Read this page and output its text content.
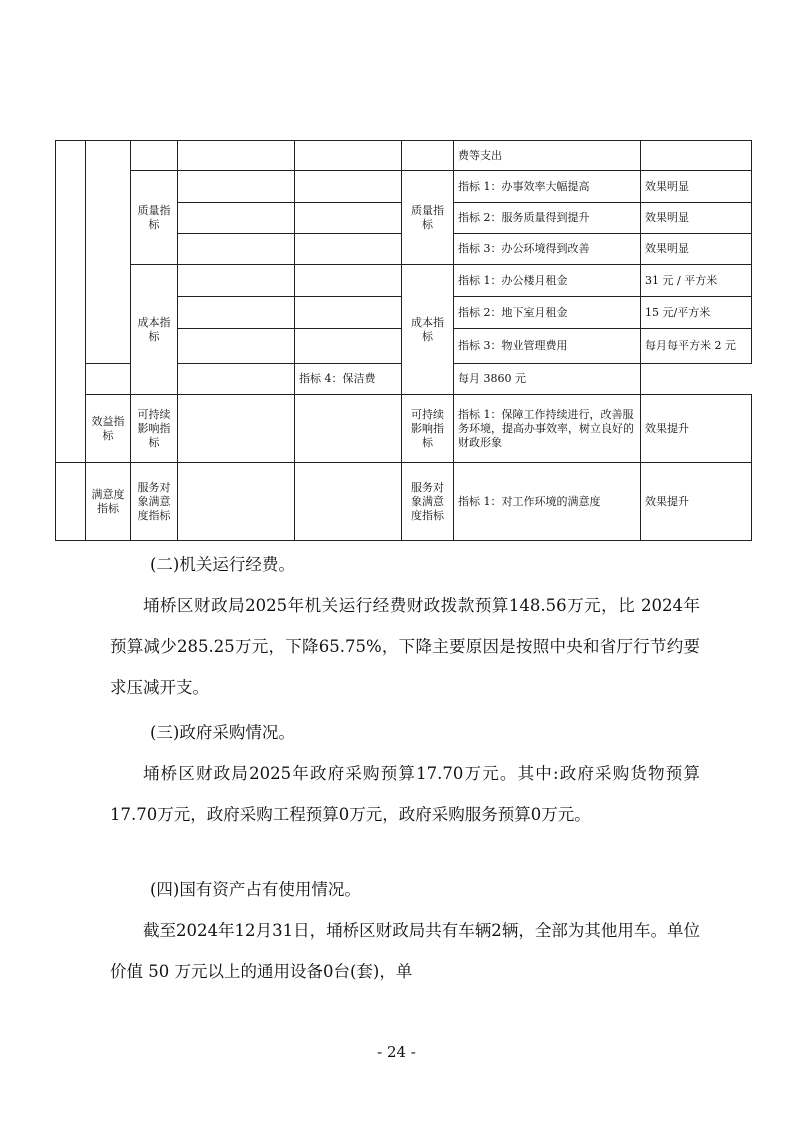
						费等支出	
		质量指标			质量指标	指标 1：办事效率大幅提高	效果明显
						指标 2：服务质量得到提升	效果明显
						指标 3：办公环境得到改善	效果明显
		成本指标			成本指标	指标 1：办公楼月租金	31 元 / 平方米
						指标 2：地下室月租金	15 元/平方米
						指标 3：物业管理费用	每月每平方米 2 元
				指标 4：保洁费		每月 3860 元	
	效益指标	可持续影响指标			可持续影响指标	指标 1：保障工作持续进行，改善服务环境，提高办事效率，树立良好的财政形象	效果提升
	满意度指标	服务对象满意度指标			服务对象满意度指标	指标 1：对工作环境的满意度	效果提升

(二)机关运行经费。

埇桥区财政局2025年机关运行经费财政拨款预算148.56万元，比 2024年预算减少285.25万元，下降65.75%，下降主要原因是按照中央和省厅行节约要求压减开支。

(三)政府采购情况。

埇桥区财政局2025年政府采购预算17.70万元。其中:政府采购货物预算17.70万元，政府采购工程预算0万元，政府采购服务预算0万元。

(四)国有资产占有使用情况。

截至2024年12月31日，埇桥区财政局共有车辆2辆，全部为其他用车。单位价值 50 万元以上的通用设备0台(套)，单

- 24 -
